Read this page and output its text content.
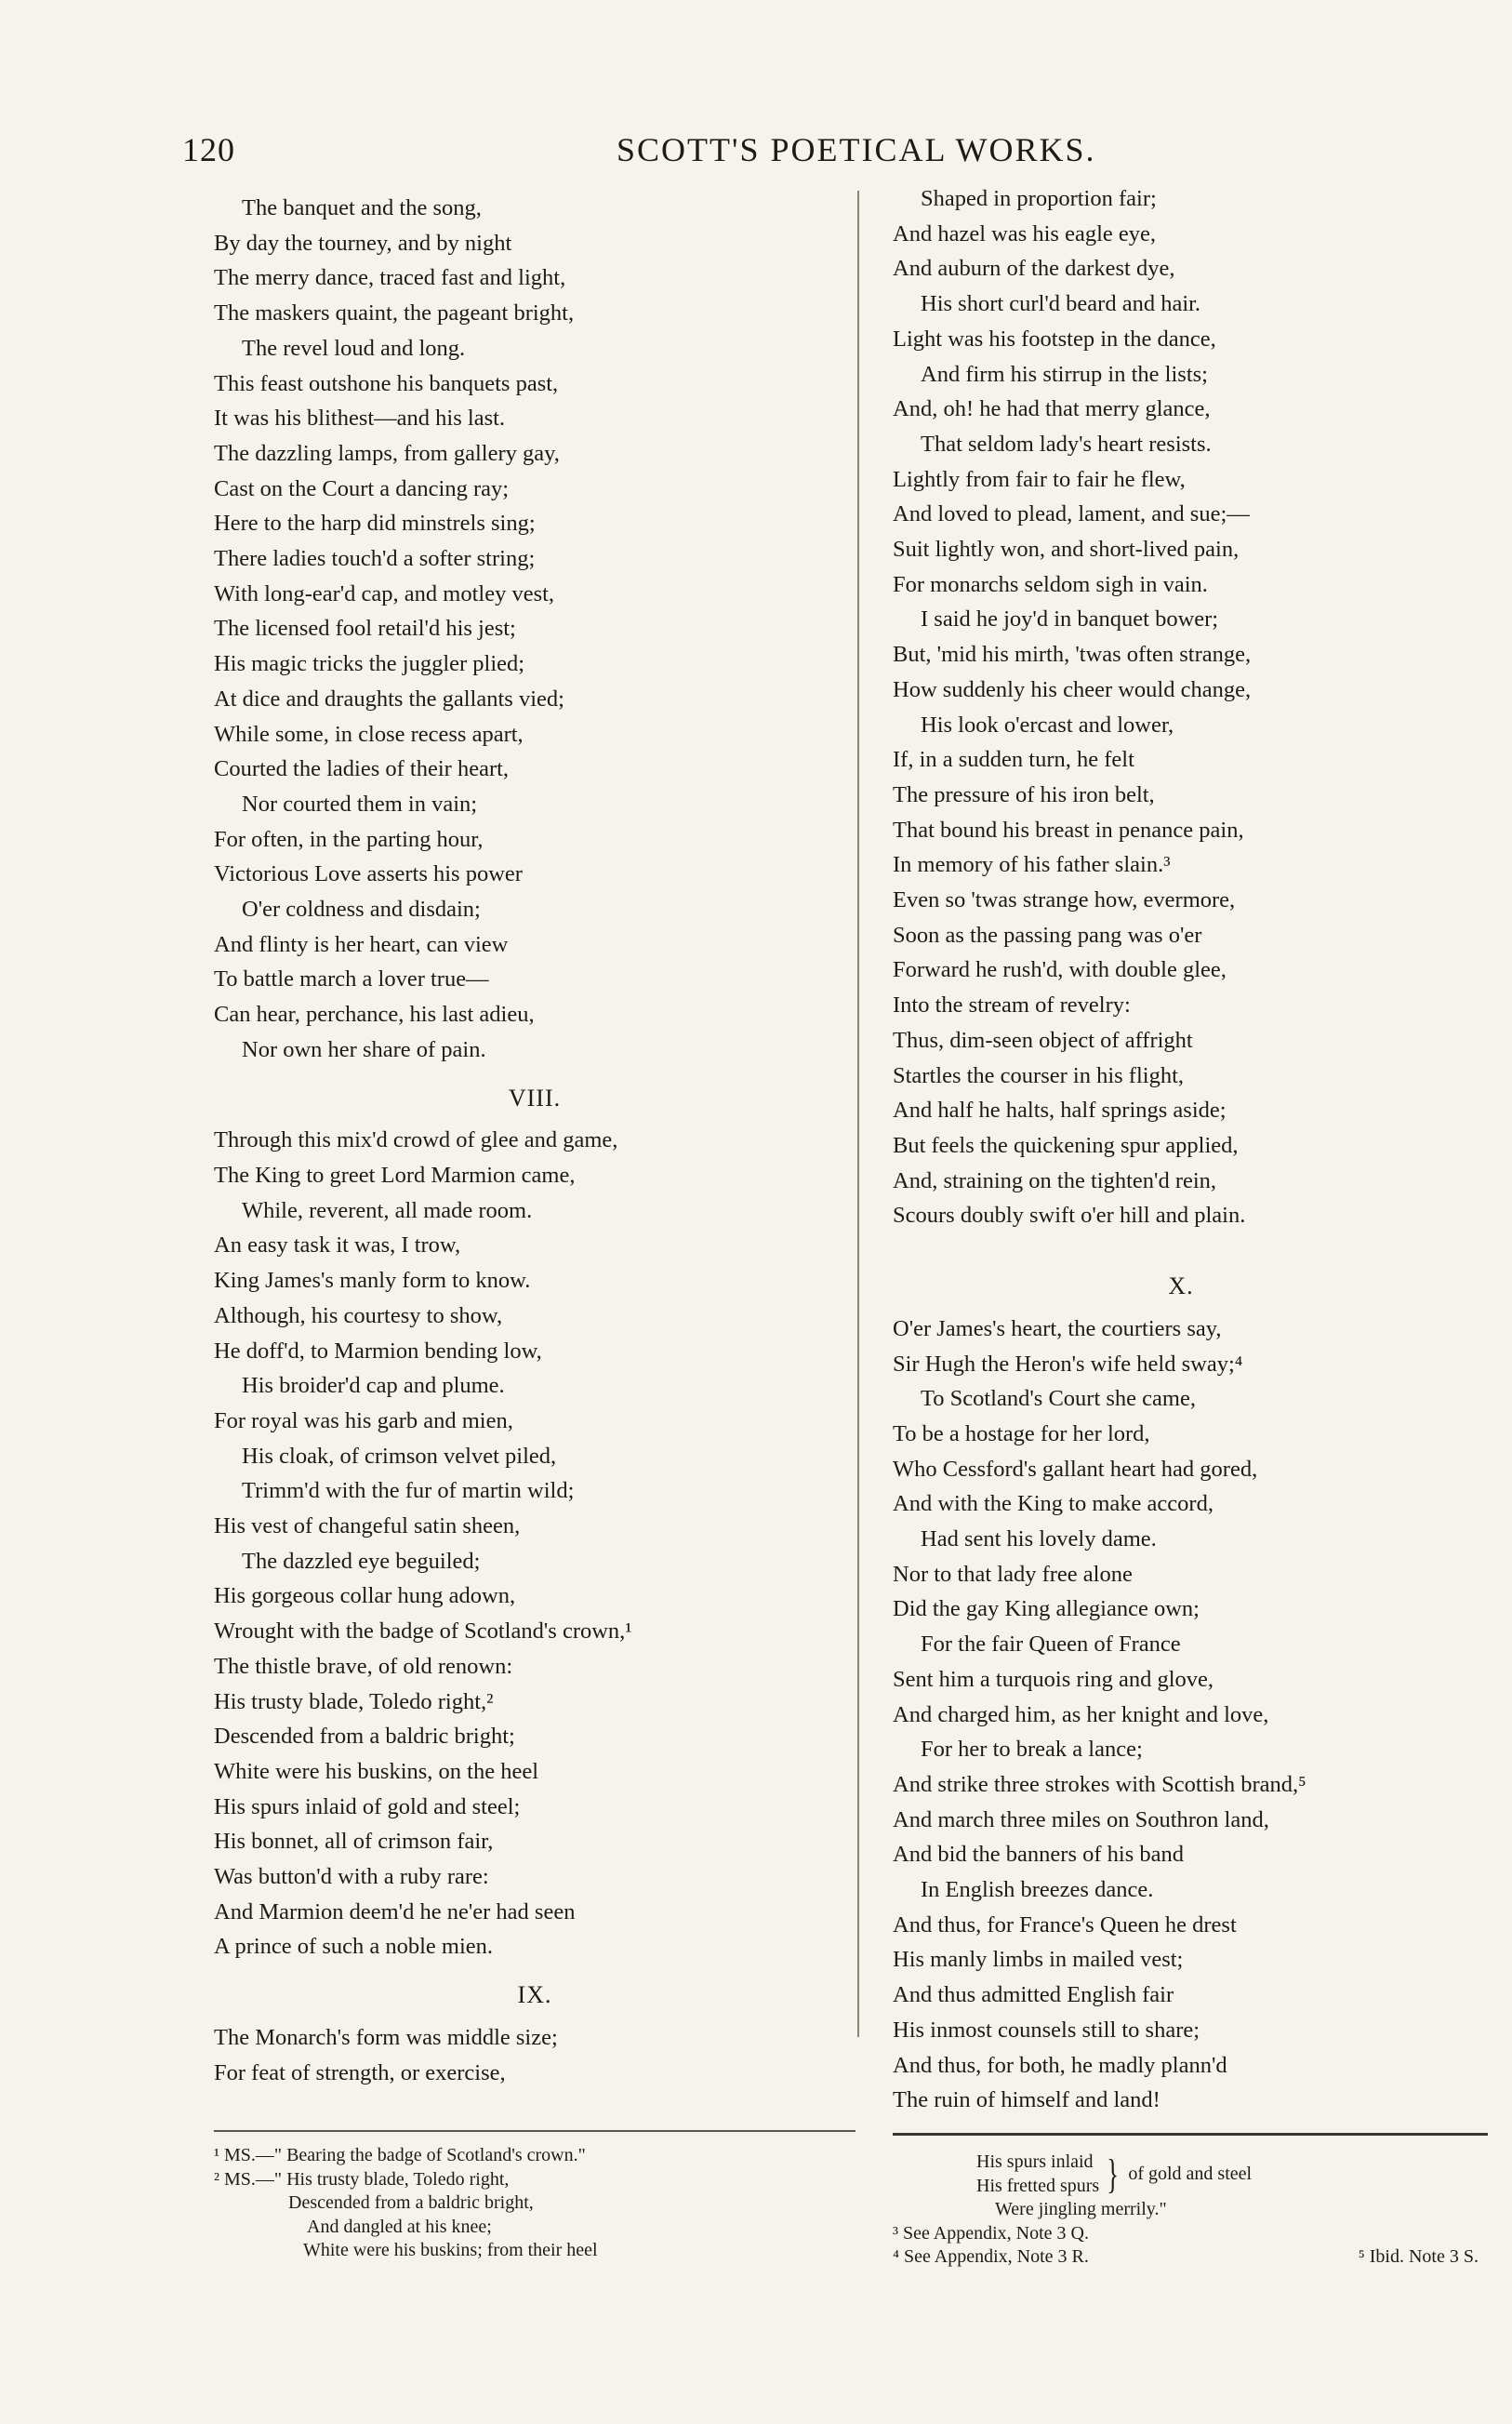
120	SCOTT'S POETICAL WORKS.
The banquet and the song,
By day the tourney, and by night
The merry dance, traced fast and light,
The maskers quaint, the pageant bright,
The revel loud and long.
This feast outshone his banquets past,
It was his blithest—and his last.
The dazzling lamps, from gallery gay,
Cast on the Court a dancing ray;
Here to the harp did minstrels sing;
There ladies touch'd a softer string;
With long-ear'd cap, and motley vest,
The licensed fool retail'd his jest;
His magic tricks the juggler plied;
At dice and draughts the gallants vied;
While some, in close recess apart,
Courted the ladies of their heart,
Nor courted them in vain;
For often, in the parting hour,
Victorious Love asserts his power
O'er coldness and disdain;
And flinty is her heart, can view
To battle march a lover true—
Can hear, perchance, his last adieu,
Nor own her share of pain.
VIII.
Through this mix'd crowd of glee and game,
The King to greet Lord Marmion came,
While, reverent, all made room.
An easy task it was, I trow,
King James's manly form to know.
Although, his courtesy to show,
He doff'd, to Marmion bending low,
His broider'd cap and plume.
For royal was his garb and mien,
His cloak, of crimson velvet piled,
Trimm'd with the fur of martin wild;
His vest of changeful satin sheen,
The dazzled eye beguiled;
His gorgeous collar hung adown,
Wrought with the badge of Scotland's crown,¹
The thistle brave, of old renown:
His trusty blade, Toledo right,²
Descended from a baldric bright;
White were his buskins, on the heel
His spurs inlaid of gold and steel;
His bonnet, all of crimson fair,
Was button'd with a ruby rare:
And Marmion deem'd he ne'er had seen
A prince of such a noble mien.
IX.
The Monarch's form was middle size;
For feat of strength, or exercise,
Shaped in proportion fair;
And hazel was his eagle eye,
And auburn of the darkest dye,
His short curl'd beard and hair.
Light was his footstep in the dance,
And firm his stirrup in the lists;
And, oh! he had that merry glance,
That seldom lady's heart resists.
Lightly from fair to fair he flew,
And loved to plead, lament, and sue;—
Suit lightly won, and short-lived pain,
For monarchs seldom sigh in vain.
I said he joy'd in banquet bower;
But, 'mid his mirth, 'twas often strange,
How suddenly his cheer would change,
His look o'ercast and lower,
If, in a sudden turn, he felt
The pressure of his iron belt,
That bound his breast in penance pain,
In memory of his father slain.³
Even so 'twas strange how, evermore,
Soon as the passing pang was o'er
Forward he rush'd, with double glee,
Into the stream of revelry:
Thus, dim-seen object of affright
Startles the courser in his flight,
And half he halts, half springs aside;
But feels the quickening spur applied,
And, straining on the tighten'd rein,
Scours doubly swift o'er hill and plain.
X.
O'er James's heart, the courtiers say,
Sir Hugh the Heron's wife held sway;⁴
To Scotland's Court she came,
To be a hostage for her lord,
Who Cessford's gallant heart had gored,
And with the King to make accord,
Had sent his lovely dame.
Nor to that lady free alone
Did the gay King allegiance own;
For the fair Queen of France
Sent him a turquois ring and glove,
And charged him, as her knight and love,
For her to break a lance;
And strike three strokes with Scottish brand,⁵
And march three miles on Southron land,
And bid the banners of his band
In English breezes dance.
And thus, for France's Queen he drest
His manly limbs in mailed vest;
And thus admitted English fair
His inmost counsels still to share;
And thus, for both, he madly plann'd
The ruin of himself and land!
¹ MS.—" Bearing the badge of Scotland's crown."
² MS.—" His trusty blade, Toledo right,
Descended from a baldric bright,
And dangled at his knee;
White were his buskins; from their heel
His spurs inlaid
His fretted spurs } of gold and steel
Were jingling merrily."
³ See Appendix, Note 3 Q.
⁴ See Appendix, Note 3 R.	⁵ Ibid. Note 3 S.
